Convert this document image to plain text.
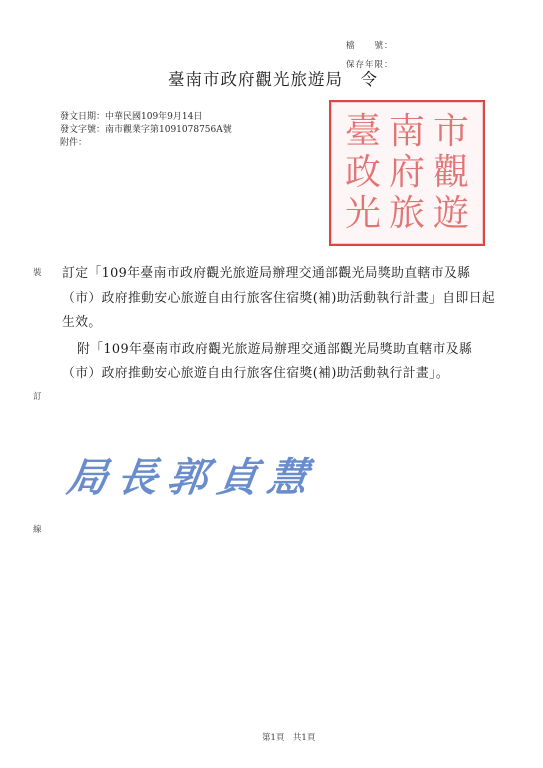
檔　　號：
保存年限：
臺南市政府觀光旅遊局　令
發文日期：中華民國109年9月14日
發文字號：南市觀業字第1091078756A號
附件：	臺 南 市
政 府 觀
光 旅 遊
裝
訂
線

訂定「109年臺南市政府觀光旅遊局辦理交通部觀光局獎助直轄市及縣（市）政府推動安心旅遊自由行旅客住宿獎(補)助活動執行計畫」自即日起生效。

附「109年臺南市政府觀光旅遊局辦理交通部觀光局獎助直轄市及縣（市）政府推動安心旅遊自由行旅客住宿獎(補)助活動執行計畫」。

局長郭貞慧
第1頁　共1頁
